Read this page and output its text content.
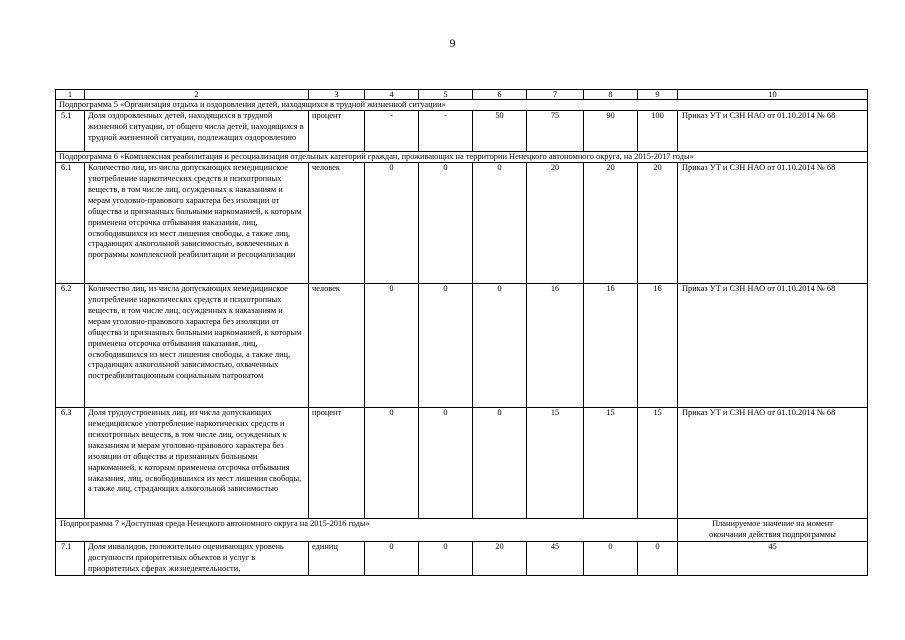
9
1	2	3	4	5	6	7	8	9	10
Подпрограмма 5 «Организация отдыха и оздоровления детей, находящихся в трудной жизненной ситуации»									
5.1	Доля оздоровленных детей, находящихся в трудной жизненной ситуации, от общего числа детей, находящихся в трудной жизненной ситуации, подлежащих оздоровлению	процент	-	-	50	75	90	100	Приказ УТ и СЗН НАО от 01.10.2014 № 68
Подпрограмма 6 «Комплексная реабилитация и ресоциализация отдельных категорий граждан, проживающих на территории Ненецкого автономного округа, на 2015-2017 годы»									
6.1	Количество лиц, из числа допускающих немедицинское употребление наркотических средств и психотропных веществ, в том числе лиц, осужденных к наказаниям и мерам уголовно-правового характера без изоляции от общества и признанных больными наркоманией, к которым применена отсрочка отбывания наказания, лиц, освободившихся из мест лишения свободы, а также лиц, страдающих алкогольной зависимостью, вовлеченных в программы комплексной реабилитации и ресоциализации	человек	0	0	0	20	20	20	Приказ УТ и СЗН НАО от 01.10.2014 № 68
6.2	Количество лиц, из числа допускающих немедицинское употребление наркотических средств и психотропных веществ, в том числе лиц, осужденных к наказаниям и мерам уголовно-правового характера без изоляции от общества и признанных больными наркоманией, к которым применена отсрочка отбывания наказания, лиц, освободившихся из мест лишения свободы, а также лиц, страдающих алкогольной зависимостью, охваченных постреабилитационным социальным патронатом	человек	0	0	0	16	16	16	Приказ УТ и СЗН НАО от 01.10.2014 № 68
6.3	Доля трудоустроенных лиц, из числа допускающих немедицинское употребление наркотических средств и психотропных веществ, в том числе лиц, осужденных к наказаниям и мерам уголовно-правового характера без изоляции от общества и признанных больными наркоманией, к которым применена отсрочка отбывания наказания, лиц, освободившихся из мест лишения свободы, а также лиц, страдающих алкогольной зависимостью	процент	0	0	0	15	15	15	Приказ УТ и СЗН НАО от 01.10.2014 № 68
Подпрограмма 7 «Доступная среда Ненецкого автономного округа на 2015-2016 годы»									Планируемое значение на момент окончания действия подпрограммы
7.1	Доля инвалидов, положительно оценивающих уровень доступности приоритетных объектов и услуг в приоритетных сферах жизнедеятельности,	единиц	0	0	20	45	0	0	45
